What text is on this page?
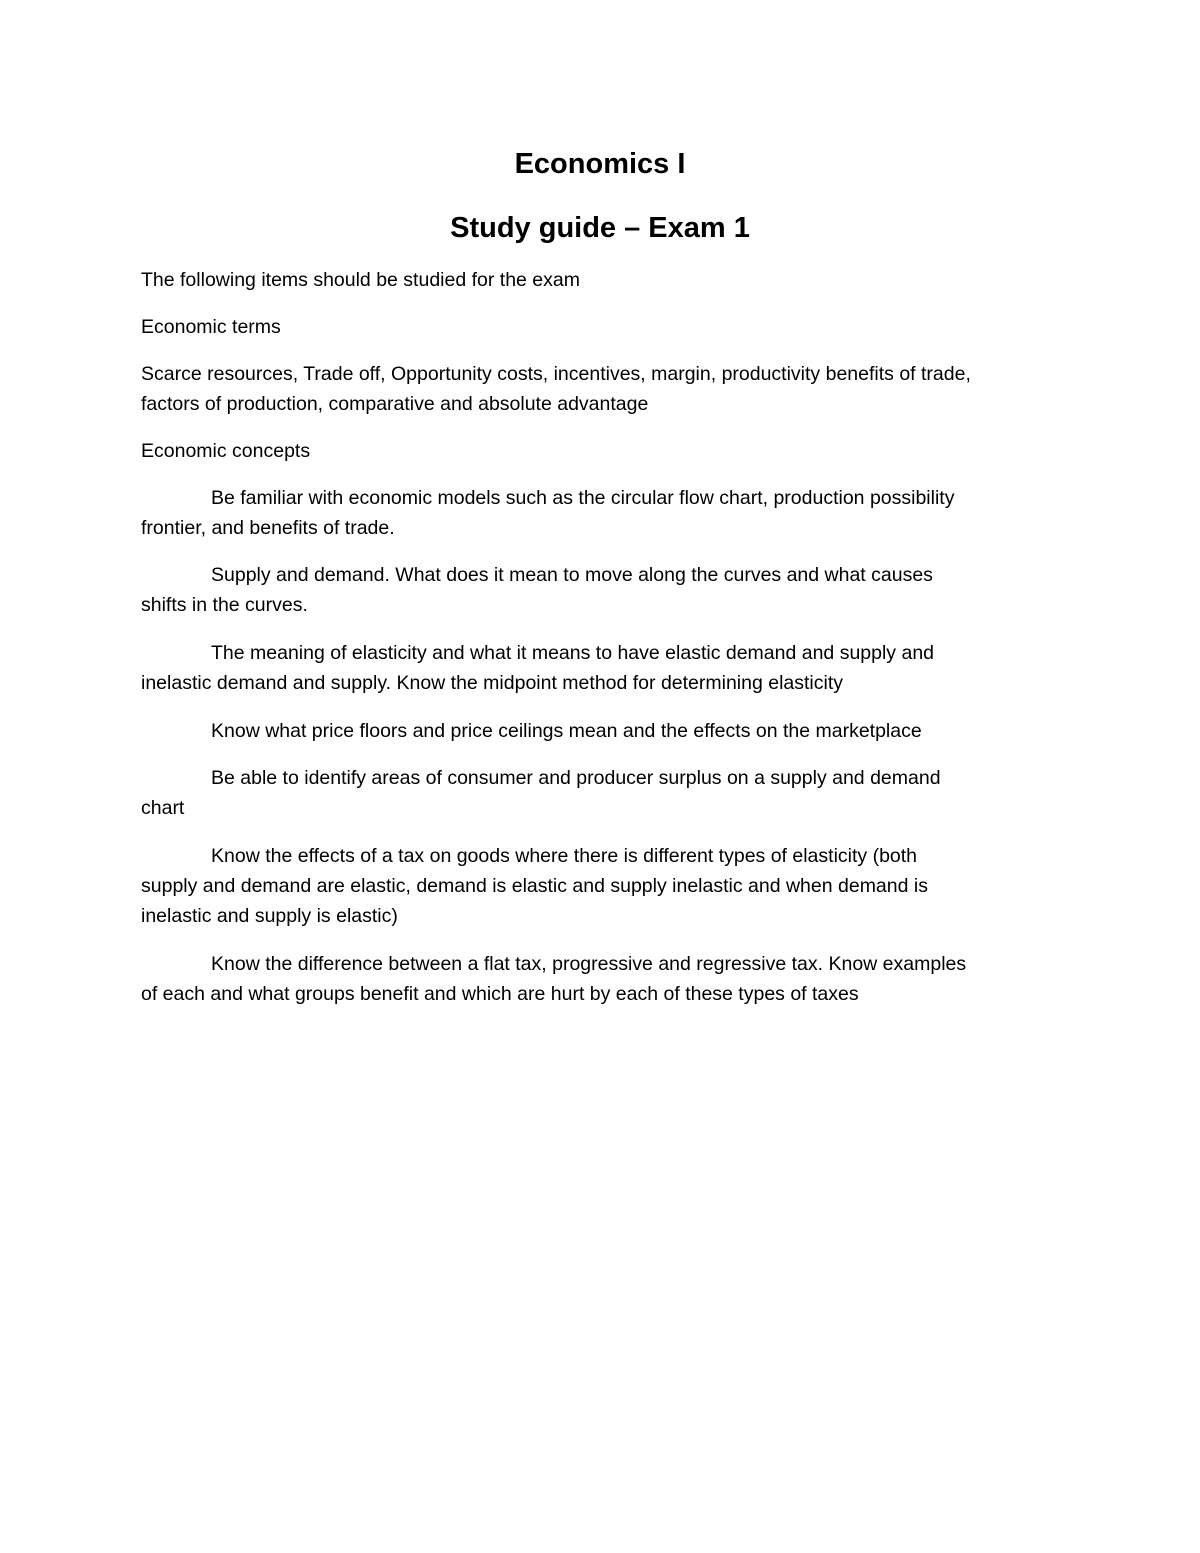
Economics I
Study guide – Exam 1
The following items should be studied for the exam
Economic terms
Scarce resources, Trade off, Opportunity costs, incentives, margin, productivity benefits of trade,
factors of production, comparative and absolute advantage
Economic concepts
Be familiar with economic models such as the circular flow chart, production possibility
frontier, and benefits of trade.
Supply and demand. What does it mean to move along the curves and what causes
shifts in the curves.
The meaning of elasticity and what it means to have elastic demand and supply and
inelastic demand and supply. Know the midpoint method for determining elasticity
Know what price floors and price ceilings mean and the effects on the marketplace
Be able to identify areas of consumer and producer surplus on a supply and demand
chart
Know the effects of a tax on goods where there is different types of elasticity (both
supply and demand are elastic, demand is elastic and supply inelastic and when demand is
inelastic and supply is elastic)
Know the difference between a flat tax, progressive and regressive tax. Know examples
of each and what groups benefit and which are hurt by each of these types of taxes
